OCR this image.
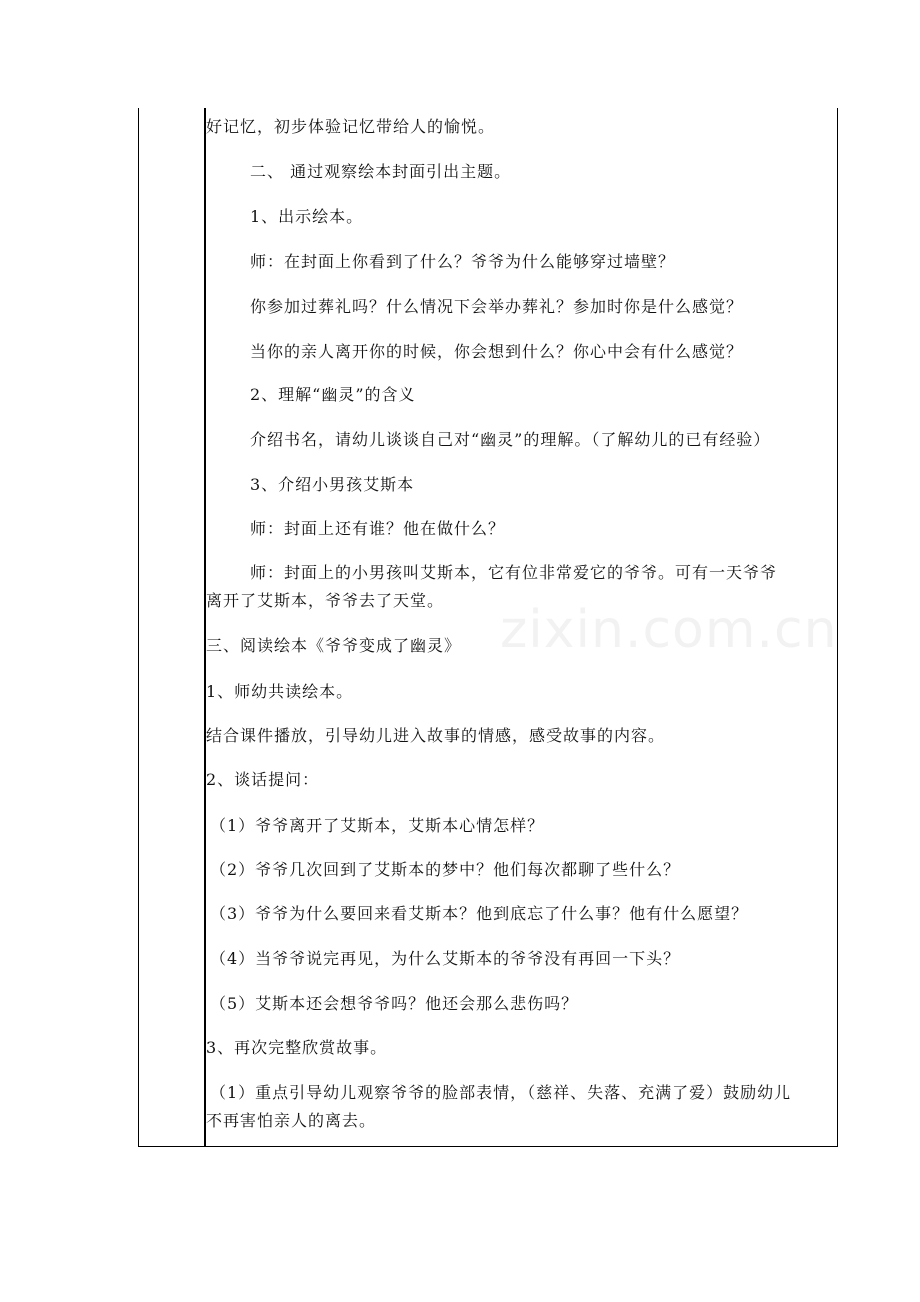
zixin.com.cn
好记忆，初步体验记忆带给人的愉悦。
二、 通过观察绘本封面引出主题。
1、出示绘本。
师：在封面上你看到了什么？爷爷为什么能够穿过墙壁？
你参加过葬礼吗？什么情况下会举办葬礼？参加时你是什么感觉？
当你的亲人离开你的时候，你会想到什么？你心中会有什么感觉？
2、理解“幽灵”的含义
介绍书名，请幼儿谈谈自己对“幽灵”的理解。（了解幼儿的已有经验）
3、介绍小男孩艾斯本
师：封面上还有谁？他在做什么？
师：封面上的小男孩叫艾斯本，它有位非常爱它的爷爷。可有一天爷爷
离开了艾斯本，爷爷去了天堂。
三、阅读绘本《爷爷变成了幽灵》
1、师幼共读绘本。
结合课件播放，引导幼儿进入故事的情感，感受故事的内容。
2、谈话提问：
（1）爷爷离开了艾斯本，艾斯本心情怎样？
（2）爷爷几次回到了艾斯本的梦中？他们每次都聊了些什么？
（3）爷爷为什么要回来看艾斯本？他到底忘了什么事？他有什么愿望？
（4）当爷爷说完再见，为什么艾斯本的爷爷没有再回一下头？
（5）艾斯本还会想爷爷吗？他还会那么悲伤吗？
3、再次完整欣赏故事。
（1）重点引导幼儿观察爷爷的脸部表情，（慈祥、失落、充满了爱）鼓励幼儿
不再害怕亲人的离去。
